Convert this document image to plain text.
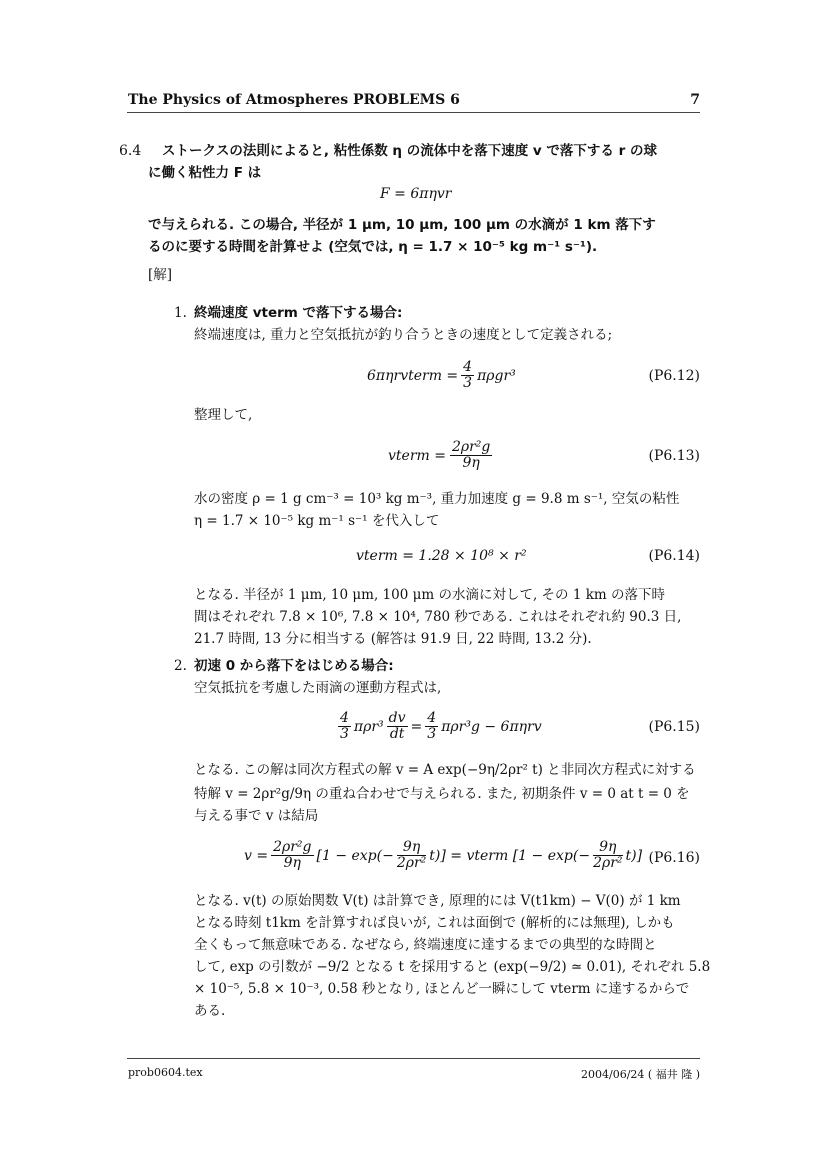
The Physics of Atmospheres PROBLEMS 6	7
6.4 ストークスの法則によると, 粘性係数 η の流体中を落下速度 v で落下する r の球
に働く粘性力 F は
F = 6πηvr
で与えられる. この場合, 半径が 1 μm, 10 μm, 100 μm の水滴が 1 km 落下す
るのに要する時間を計算せよ (空気では, η = 1.7 × 10⁻⁵ kg m⁻¹ s⁻¹).
[解]
1. 終端速度 vterm で落下する場合:
終端速度は, 重力と空気抵抗が釣り合うときの速度として定義される;
6πηrvterm = $\frac{4}{3} \pi\rho gr^3$	(P6.12)
整理して,
vterm = $\frac{\text{2ρr²g}}{9\eta}$	(P6.13)
水の密度 ρ = 1 g cm⁻³ = 10³ kg m⁻³, 重力加速度 g = 9.8 m s⁻¹, 空気の粘性
η = 1.7 × 10⁻⁵ kg m⁻¹ s⁻¹ を代入して
vterm = 1.28 × 10⁸ × r²	(P6.14)
となる. 半径が 1 μm, 10 μm, 100 μm の水滴に対して, その 1 km の落下時
間はそれぞれ 7.8 × 10⁶, 7.8 × 10⁴, 780 秒である. これはそれぞれ約 90.3 日,
21.7 時間, 13 分に相当する (解答は 91.9 日, 22 時間, 13.2 分).
2. 初速 0 から落下をはじめる場合:
空気抵抗を考慮した雨滴の運動方程式は,
$\frac{4}{3} \pi\rho r^3 \frac{dv}{dt} = \frac{4}{3} \pi\rho r^3g - 6\pi\eta rv$	(P6.15)
となる. この解は同次方程式の解 v = A exp(−9η/2ρr² t) と非同次方程式に対する
特解 v = 2ρr²g/9η の重ね合わせで与えられる. また, 初期条件 v = 0 at t = 0 を
与える事で v は結局
$v = \frac{\text{2ρr²g}}{9\eta} [1 - \exp(- \frac{9\eta}{\text{2ρr²}} t)]$ = vterm $[1 - \exp(- \frac{9\eta}{\text{2ρr²}} t)]$ (P6.16)
となる. v(t) の原始関数 V(t) は計算でき, 原理的には V(t1km) − V(0) が 1 km
となる時刻 t1km を計算すれば良いが, これは面倒で (解析的には無理), しかも
全くもって無意味である. なぜなら, 終端速度に達するまでの典型的な時間と
して, exp の引数が −9/2 となる t を採用すると (exp(−9/2) ≃ 0.01), それぞれ 5.8
× 10⁻⁵, 5.8 × 10⁻³, 0.58 秒となり, ほとんど一瞬にして vterm に達するからで
ある.
prob0604.tex	2004/06/24 ( 福井 隆 )
